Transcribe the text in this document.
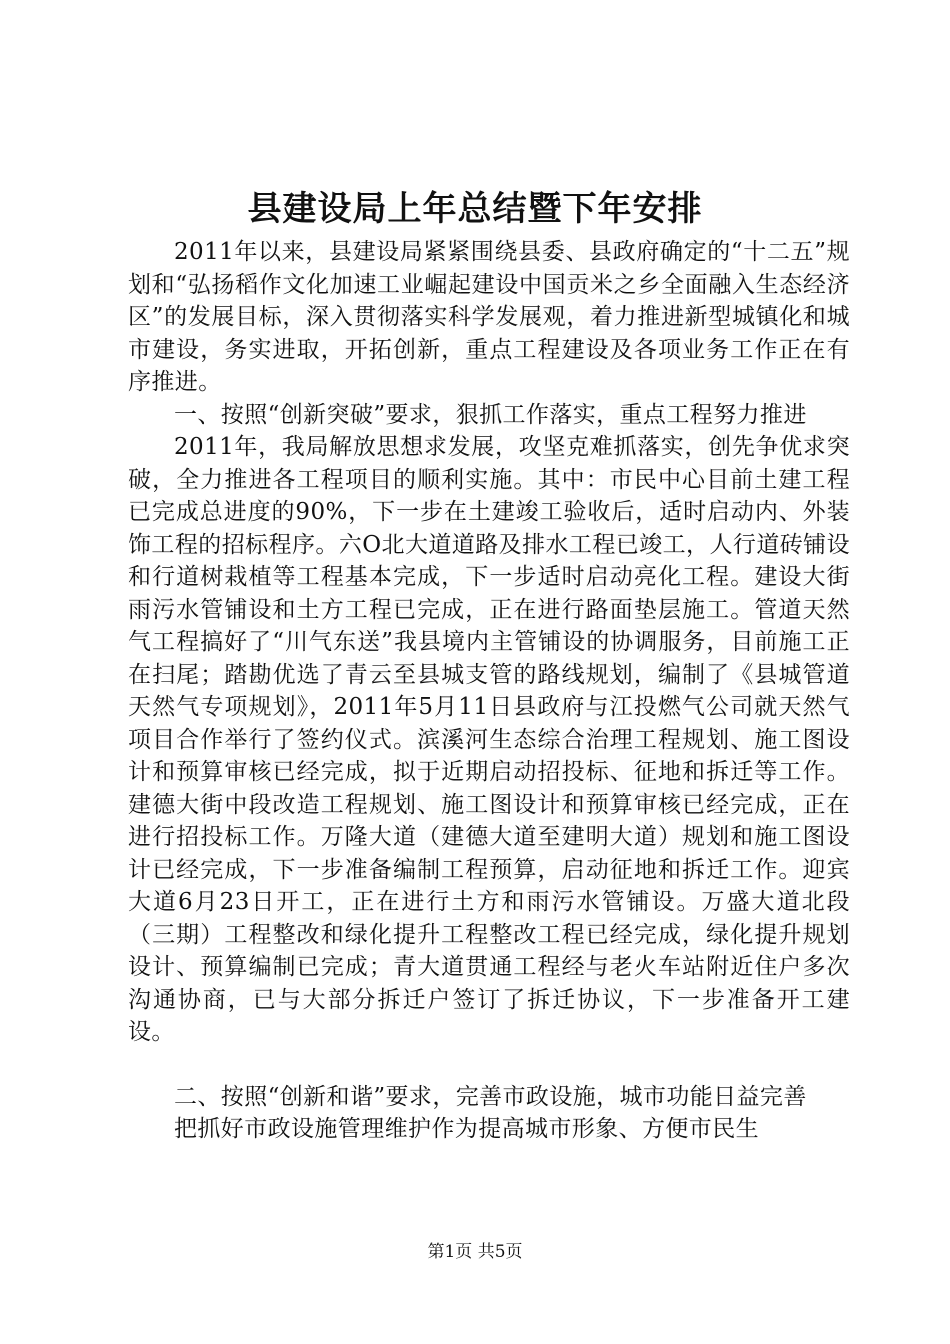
县建设局上年总结暨下年安排

2011年以来，县建设局紧紧围绕县委、县政府确定的“十二五”规划和“弘扬稻作文化加速工业崛起建设中国贡米之乡全面融入生态经济区”的发展目标，深入贯彻落实科学发展观，着力推进新型城镇化和城市建设，务实进取，开拓创新，重点工程建设及各项业务工作正在有序推进。

一、按照“创新突破”要求，狠抓工作落实，重点工程努力推进

2011年，我局解放思想求发展，攻坚克难抓落实，创先争优求突破，全力推进各工程项目的顺利实施。其中：市民中心目前土建工程已完成总进度的90%，下一步在土建竣工验收后，适时启动内、外装饰工程的招标程序。六O北大道道路及排水工程已竣工，人行道砖铺设和行道树栽植等工程基本完成，下一步适时启动亮化工程。建设大街雨污水管铺设和土方工程已完成，正在进行路面垫层施工。管道天然气工程搞好了“川气东送”我县境内主管铺设的协调服务，目前施工正在扫尾；踏勘优选了青云至县城支管的路线规划，编制了《县城管道天然气专项规划》，2011年5月11日县政府与江投燃气公司就天然气项目合作举行了签约仪式。滨溪河生态综合治理工程规划、施工图设计和预算审核已经完成，拟于近期启动招投标、征地和拆迁等工作。建德大街中段改造工程规划、施工图设计和预算审核已经完成，正在进行招投标工作。万隆大道（建德大道至建明大道）规划和施工图设计已经完成，下一步准备编制工程预算，启动征地和拆迁工作。迎宾大道6月23日开工，正在进行土方和雨污水管铺设。万盛大道北段（三期）工程整改和绿化提升工程整改工程已经完成，绿化提升规划设计、预算编制已完成；青大道贯通工程经与老火车站附近住户多次沟通协商，已与大部分拆迁户签订了拆迁协议，下一步准备开工建设。

二、按照“创新和谐”要求，完善市政设施，城市功能日益完善

把抓好市政设施管理维护作为提高城市形象、方便市民生

第1页 共5页
